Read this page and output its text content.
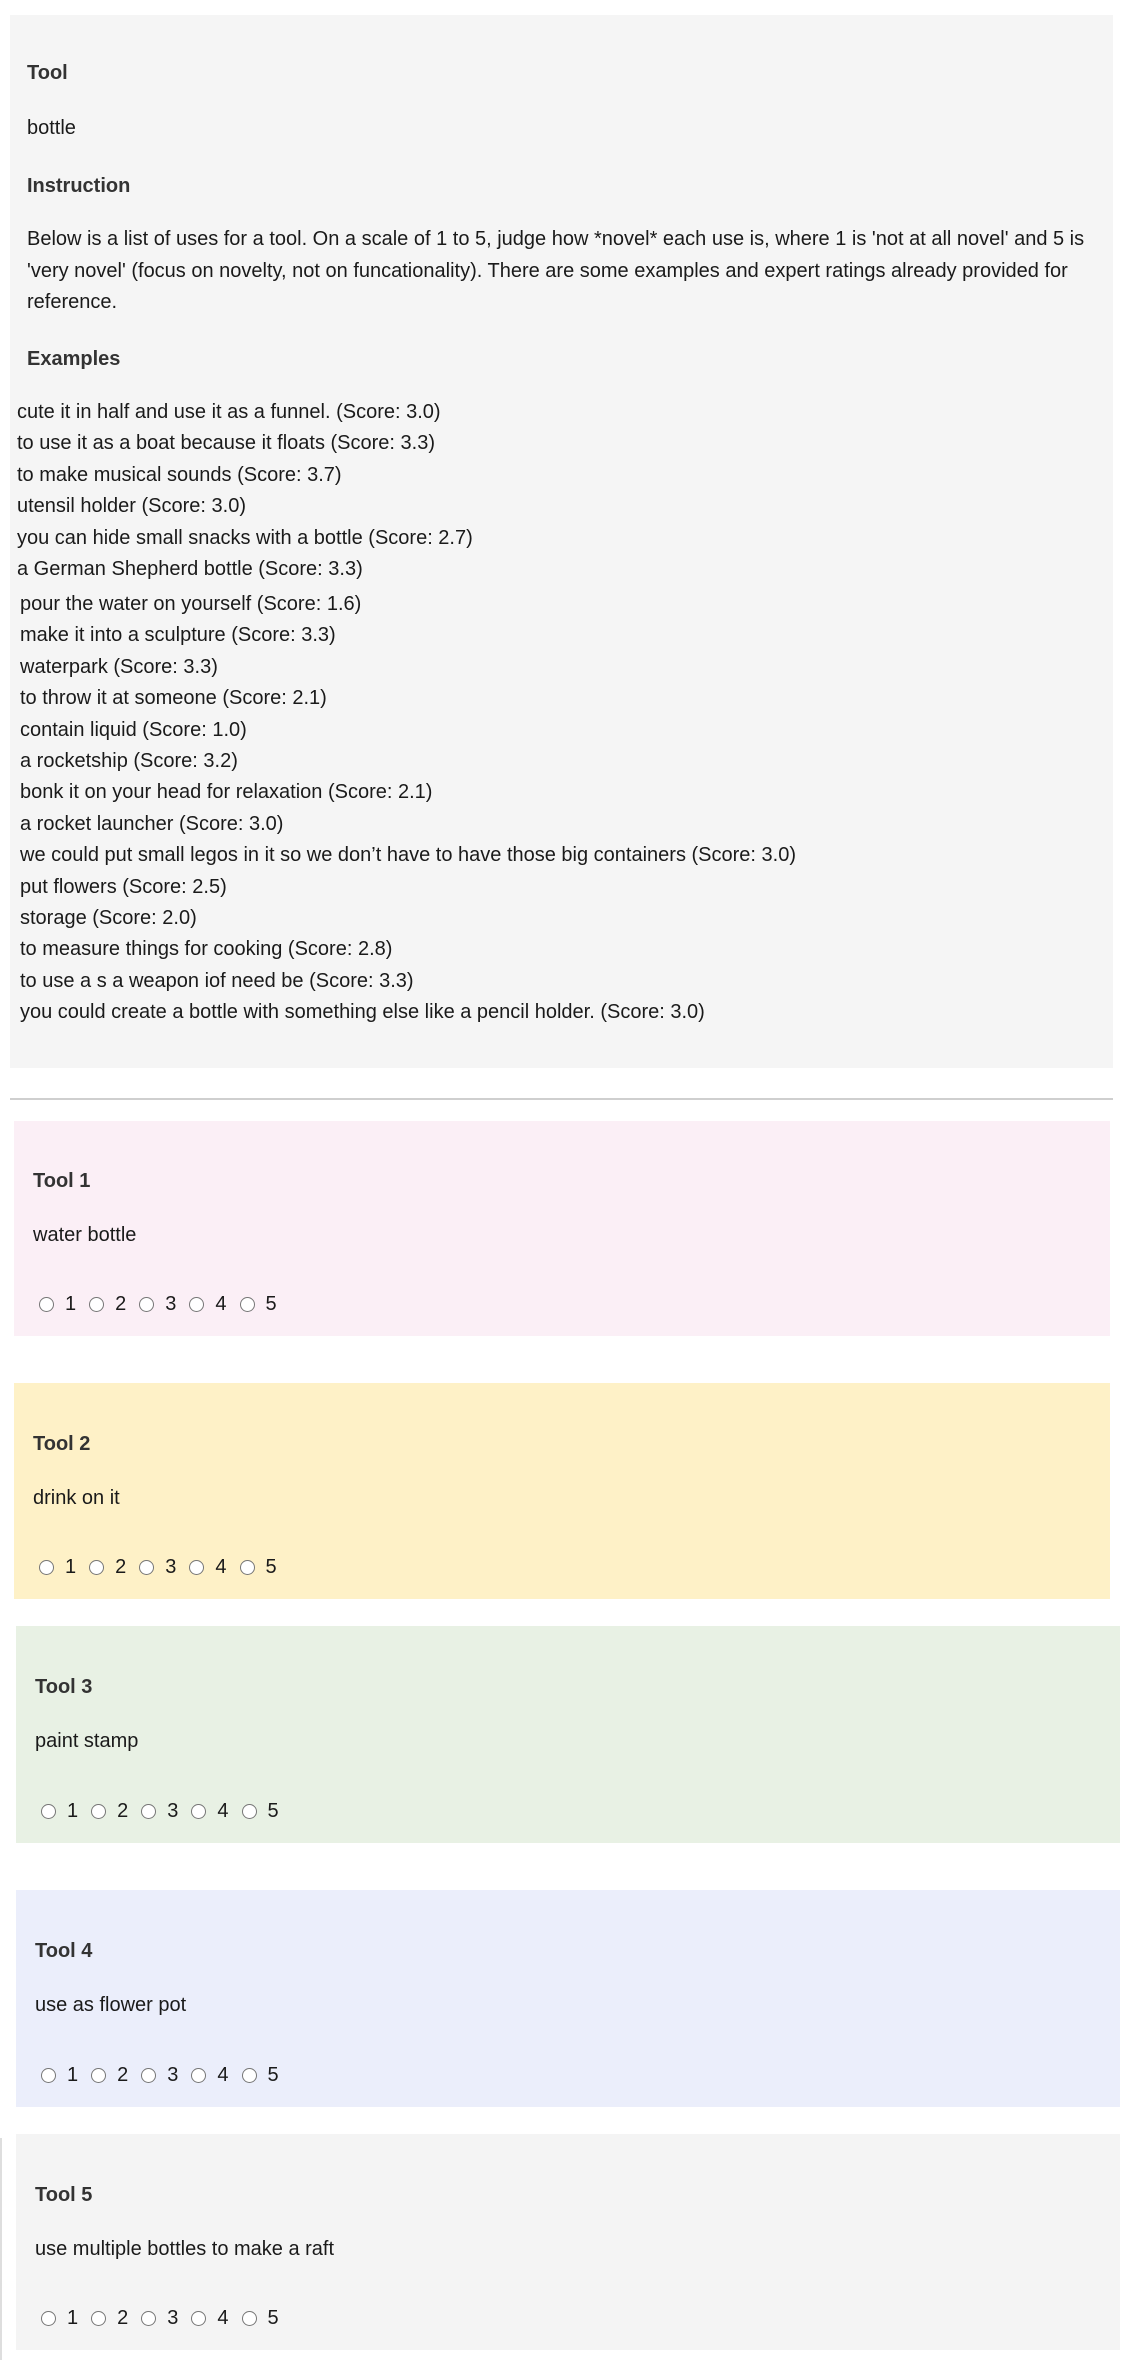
Tool
bottle
Instruction
Below is a list of uses for a tool. On a scale of 1 to 5, judge how *novel* each use is, where 1 is 'not at all novel' and 5 is 'very novel' (focus on novelty, not on funcationality). There are some examples and expert ratings already provided for reference.
Examples
cute it in half and use it as a funnel. (Score: 3.0)
to use it as a boat because it floats (Score: 3.3)
to make musical sounds (Score: 3.7)
utensil holder (Score: 3.0)
you can hide small snacks with a bottle (Score: 2.7)
a German Shepherd bottle (Score: 3.3)
pour the water on yourself (Score: 1.6)
make it into a sculpture (Score: 3.3)
waterpark (Score: 3.3)
to throw it at someone (Score: 2.1)
contain liquid (Score: 1.0)
a rocketship (Score: 3.2)
bonk it on your head for relaxation (Score: 2.1)
a rocket launcher (Score: 3.0)
we could put small legos in it so we don’t have to have those big containers (Score: 3.0)
put flowers (Score: 2.5)
storage (Score: 2.0)
to measure things for cooking (Score: 2.8)
to use a s a weapon iof need be (Score: 3.3)
you could create a bottle with something else like a pencil holder. (Score: 3.0)
Tool 1
water bottle
1 2 3 4 5
Tool 2
drink on it
1 2 3 4 5
Tool 3
paint stamp
1 2 3 4 5
Tool 4
use as flower pot
1 2 3 4 5
Tool 5
use multiple bottles to make a raft
1 2 3 4 5
